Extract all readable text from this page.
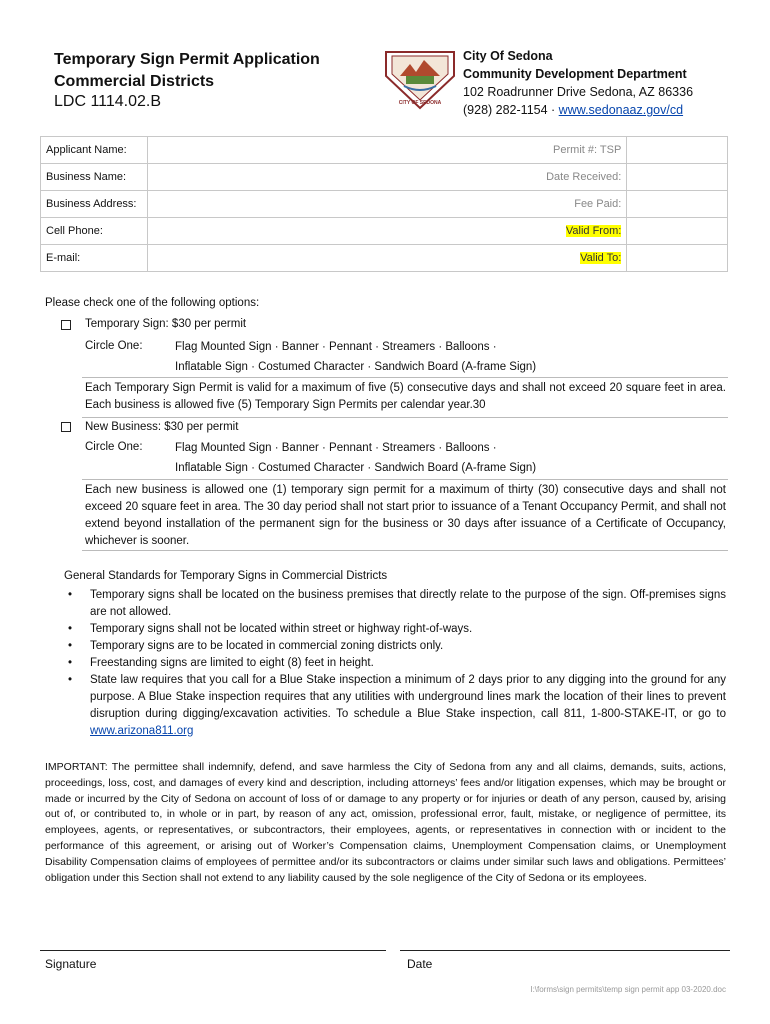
Temporary Sign Permit Application
Commercial Districts
LDC 1114.02.B	CITY OF SEDONA
City Of Sedona
Community Development Department
102 Roadrunner Drive Sedona, AZ 86336
(928) 282-1154 · www.sedonaaz.gov/cd
Applicant Name:	Permit #: TSP	
Business Name:	Date Received:	
Business Address:	Fee Paid:	
Cell Phone:	Valid From:	
E-mail:	Valid To:	
Please check one of the following options:
Temporary Sign: $30 per permit
Circle One:	Flag Mounted Sign · Banner · Pennant · Streamers · Balloons ·
Inflatable Sign · Costumed Character · Sandwich Board (A-frame Sign)
Each Temporary Sign Permit is valid for a maximum of five (5) consecutive days and shall not exceed 20 square feet in area. Each business is allowed five (5) Temporary Sign Permits per calendar year.30
New Business: $30 per permit
Circle One:	Flag Mounted Sign · Banner · Pennant · Streamers · Balloons ·
Inflatable Sign · Costumed Character · Sandwich Board (A-frame Sign)
Each new business is allowed one (1) temporary sign permit for a maximum of thirty (30) consecutive days and shall not exceed 20 square feet in area. The 30 day period shall not start prior to issuance of a Tenant Occupancy Permit, and shall not extend beyond installation of the permanent sign for the business or 30 days after issuance of a Certificate of Occupancy, whichever is sooner.
General Standards for Temporary Signs in Commercial Districts
• Temporary signs shall be located on the business premises that directly relate to the purpose of the sign. Off-premises signs are not allowed.
• Temporary signs shall not be located within street or highway right-of-ways.
• Temporary signs are to be located in commercial zoning districts only.
• Freestanding signs are limited to eight (8) feet in height.
• State law requires that you call for a Blue Stake inspection a minimum of 2 days prior to any digging into the ground for any purpose. A Blue Stake inspection requires that any utilities with underground lines mark the location of their lines to prevent disruption during digging/excavation activities. To schedule a Blue Stake inspection, call 811, 1-800-STAKE-IT, or go to www.arizona811.org
IMPORTANT: The permittee shall indemnify, defend, and save harmless the City of Sedona from any and all claims, demands, suits, actions, proceedings, loss, cost, and damages of every kind and description, including attorneys’ fees and/or litigation expenses, which may be brought or made or incurred by the City of Sedona on account of loss of or damage to any property or for injuries or death of any person, caused by, arising out of, or contributed to, in whole or in part, by reason of any act, omission, professional error, fault, mistake, or negligence of permittee, its employees, agents, or representatives, or subcontractors, their employees, agents, or representatives in connection with or incident to the performance of this agreement, or arising out of Worker’s Compensation claims, Unemployment Compensation claims, or Unemployment Disability Compensation claims of employees of permittee and/or its subcontractors or claims under similar such laws and obligations. Permittees’ obligation under this Section shall not extend to any liability caused by the sole negligence of the City of Sedona or its employees.
Signature	Date
I:\forms\sign permits\temp sign permit app 03-2020.doc
